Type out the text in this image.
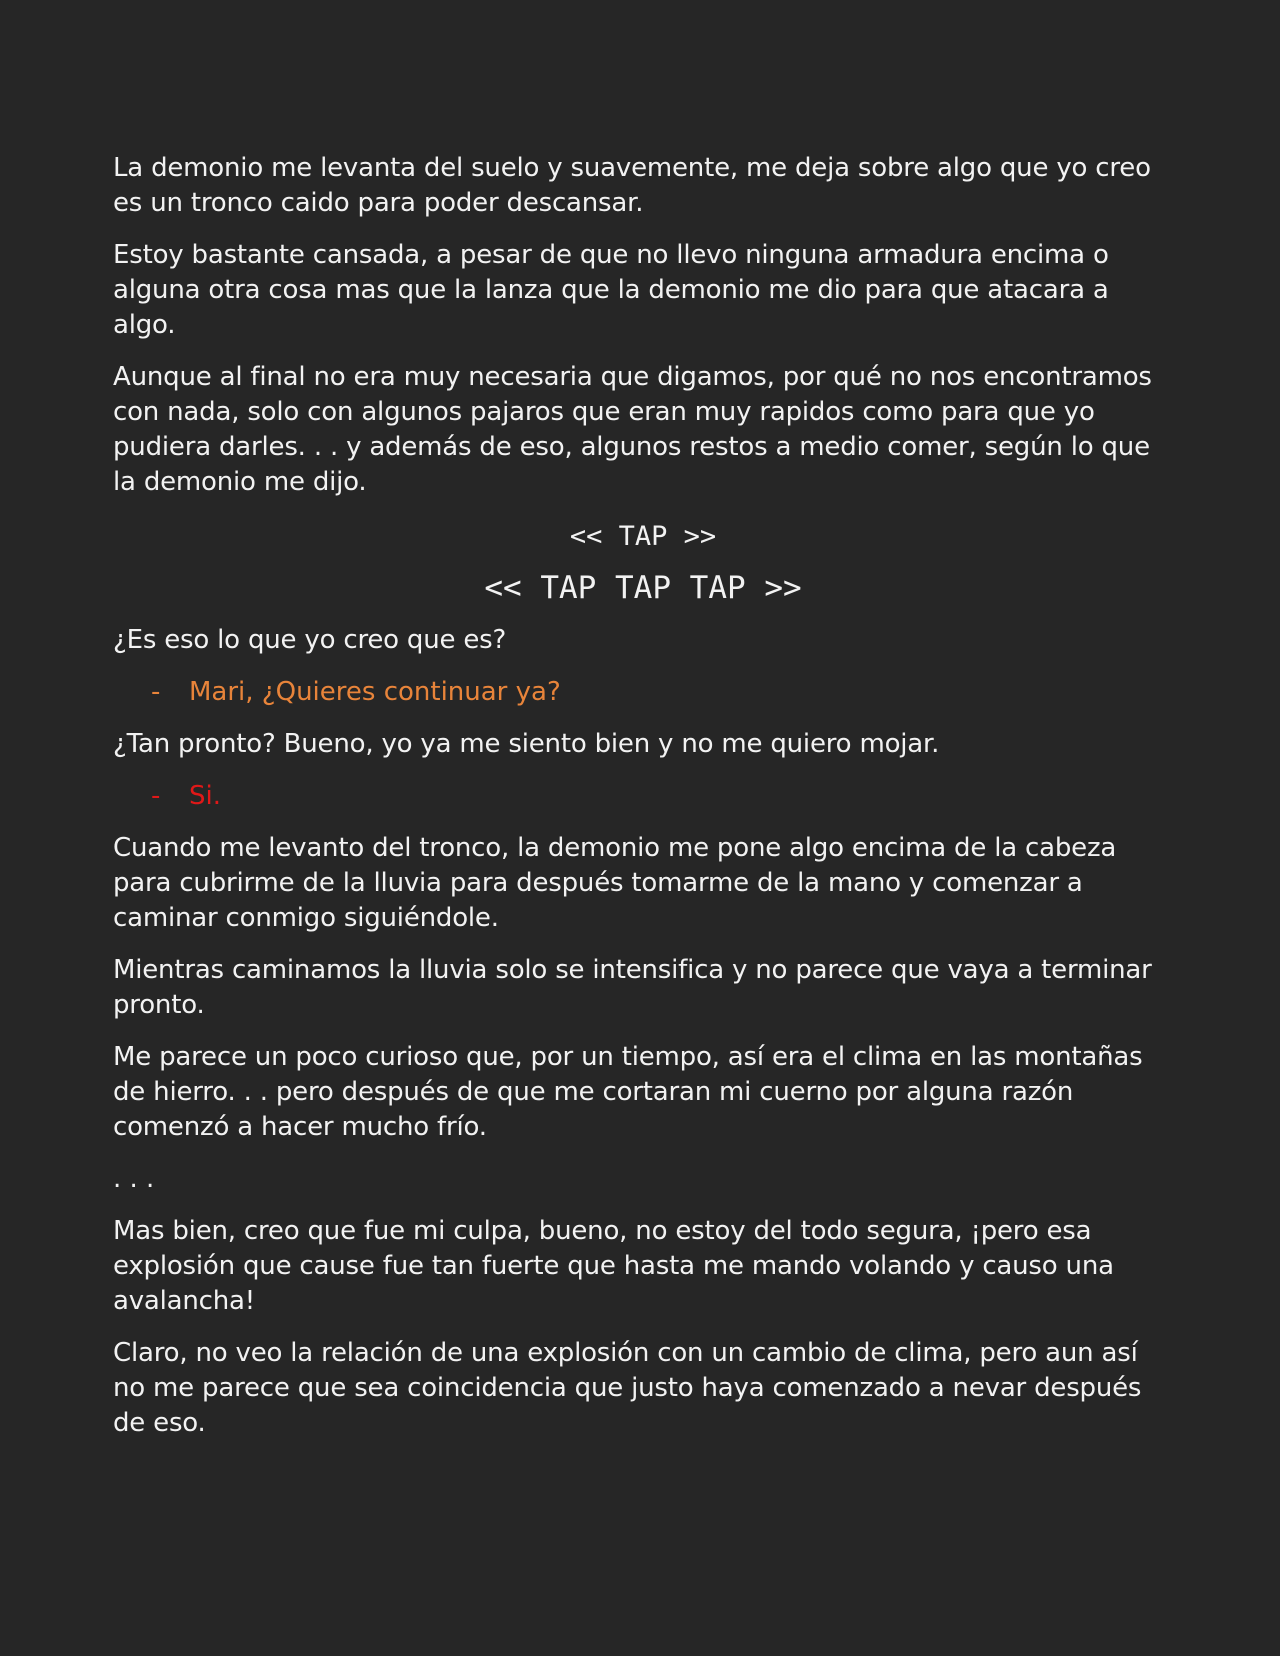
La demonio me levanta del suelo y suavemente, me deja sobre algo que yo creo es un tronco caido para poder descansar.

Estoy bastante cansada, a pesar de que no llevo ninguna armadura encima o alguna otra cosa mas que la lanza que la demonio me dio para que atacara a algo.

Aunque al final no era muy necesaria que digamos, por qué no nos encontramos con nada, solo con algunos pajaros que eran muy rapidos como para que yo pudiera darles. . . y además de eso, algunos restos a medio comer, según lo que la demonio me dijo.

<< TAP >>

<< TAP TAP TAP >>

¿Es eso lo que yo creo que es?

-	Mari, ¿Quieres continuar ya?

¿Tan pronto? Bueno, yo ya me siento bien y no me quiero mojar.

-	Si.

Cuando me levanto del tronco, la demonio me pone algo encima de la cabeza para cubrirme de la lluvia para después tomarme de la mano y comenzar a caminar conmigo siguiéndole.

Mientras caminamos la lluvia solo se intensifica y no parece que vaya a terminar pronto.

Me parece un poco curioso que, por un tiempo, así era el clima en las montañas de hierro. . . pero después de que me cortaran mi cuerno por alguna razón comenzó a hacer mucho frío.

. . .

Mas bien, creo que fue mi culpa, bueno, no estoy del todo segura, ¡pero esa explosión que cause fue tan fuerte que hasta me mando volando y causo una avalancha!

Claro, no veo la relación de una explosión con un cambio de clima, pero aun así no me parece que sea coincidencia que justo haya comenzado a nevar después de eso.
